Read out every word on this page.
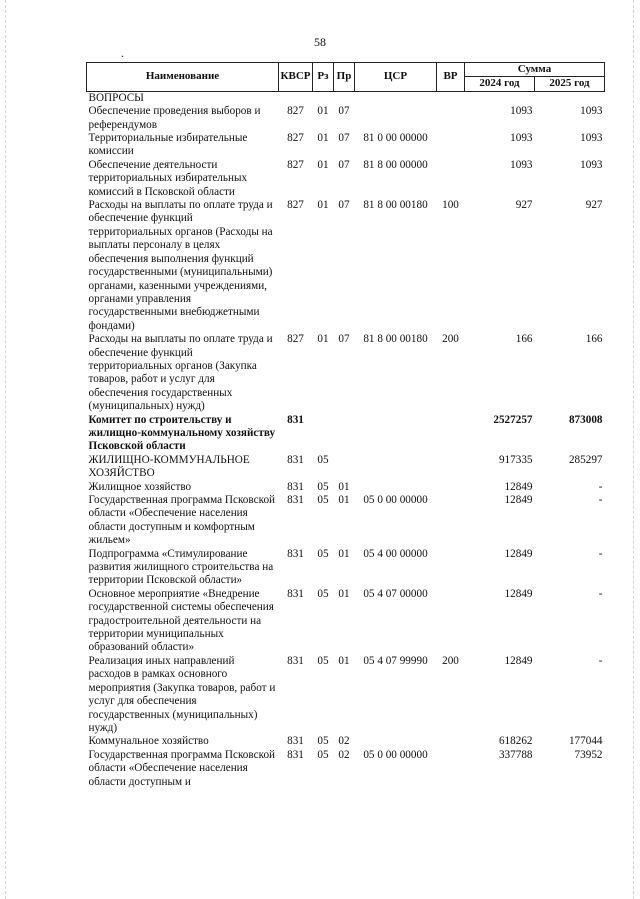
58
.
Наименование	КВСР	Рз	Пр	ЦСР	ВР	Сумма	
						2024 год	2025 год
ВОПРОСЫ							
Обеспечение проведения выборов и референдумов	827	01	07			1093	1093
Территориальные избирательные комиссии	827	01	07	81 0 00 00000		1093	1093
Обеспечение деятельности территориальных избирательных комиссий в Псковской области	827	01	07	81 8 00 00000		1093	1093
Расходы на выплаты по оплате труда и обеспечение функций территориальных органов (Расходы на выплаты персоналу в целях обеспечения выполнения функций государственными (муниципальными) органами, казенными учреждениями, органами управления государственными внебюджетными фондами)	827	01	07	81 8 00 00180	100	927	927
Расходы на выплаты по оплате труда и обеспечение функций территориальных органов (Закупка товаров, работ и услуг для обеспечения государственных (муниципальных) нужд)	827	01	07	81 8 00 00180	200	166	166
Комитет по строительству и жилищно-коммунальному хозяйству Псковской области	831					2527257	873008
ЖИЛИЩНО-КОММУНАЛЬНОЕ ХОЗЯЙСТВО	831	05				917335	285297
Жилищное хозяйство	831	05	01			12849	-
Государственная программа Псковской области «Обеспечение населения области доступным и комфортным жильем»	831	05	01	05 0 00 00000		12849	-
Подпрограмма «Стимулирование развития жилищного строительства на территории Псковской области»	831	05	01	05 4 00 00000		12849	-
Основное мероприятие «Внедрение государственной системы обеспечения градостроительной деятельности на территории муниципальных образований области»	831	05	01	05 4 07 00000		12849	-
Реализация иных направлений расходов в рамках основного мероприятия (Закупка товаров, работ и услуг для обеспечения государственных (муниципальных) нужд)	831	05	01	05 4 07 99990	200	12849	-
Коммунальное хозяйство	831	05	02			618262	177044
Государственная программа Псковской области «Обеспечение населения области доступным и	831	05	02	05 0 00 00000		337788	73952
